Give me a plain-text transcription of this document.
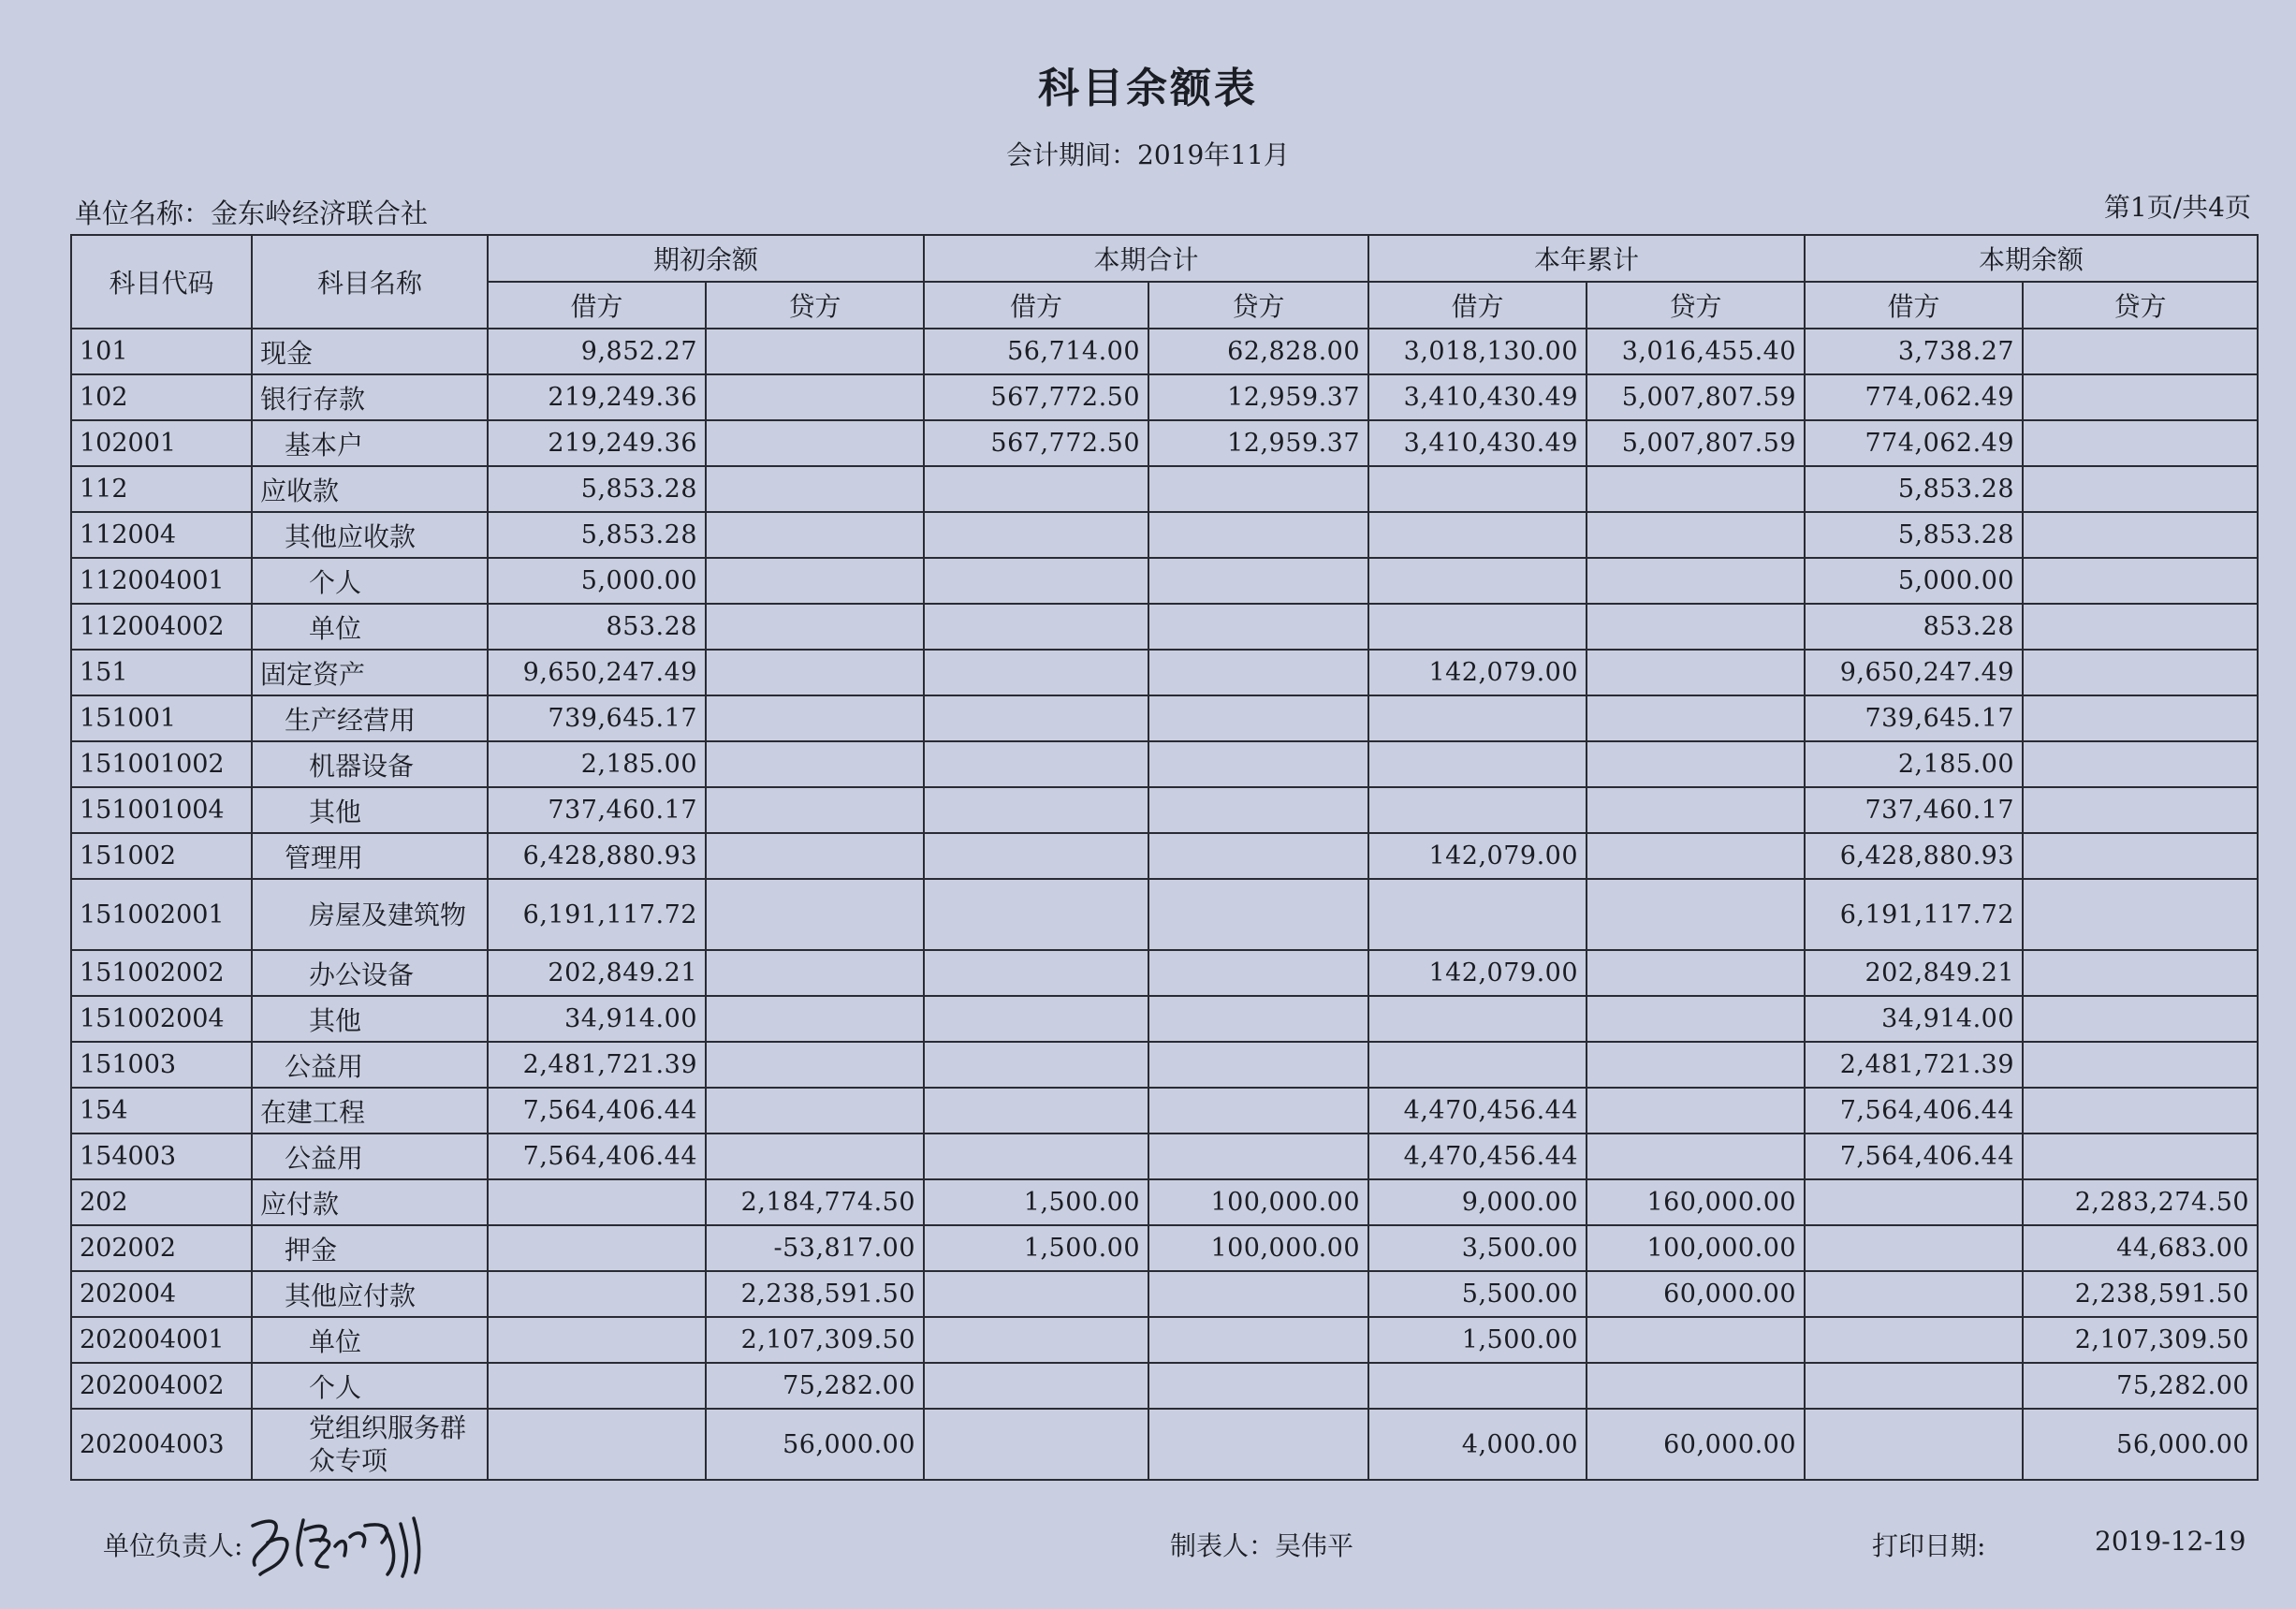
科目余额表
会计期间：2019年11月
单位名称：金东岭经济联合社	第1页/共4页
科目代码	科目名称	期初余额		本期合计		本年累计		本期余额	
		借方	贷方	借方	贷方	借方	贷方	借方	贷方
101	现金	9,852.27		56,714.00	62,828.00	3,018,130.00	3,016,455.40	3,738.27	
102	银行存款	219,249.36		567,772.50	12,959.37	3,410,430.49	5,007,807.59	774,062.49	
102001	基本户	219,249.36		567,772.50	12,959.37	3,410,430.49	5,007,807.59	774,062.49	
112	应收款	5,853.28						5,853.28	
112004	其他应收款	5,853.28						5,853.28	
112004001	个人	5,000.00						5,000.00	
112004002	单位	853.28						853.28	
151	固定资产	9,650,247.49				142,079.00		9,650,247.49	
151001	生产经营用	739,645.17						739,645.17	
151001002	机器设备	2,185.00						2,185.00	
151001004	其他	737,460.17						737,460.17	
151002	管理用	6,428,880.93				142,079.00		6,428,880.93	
151002001	房屋及建筑物	6,191,117.72						6,191,117.72	
151002002	办公设备	202,849.21				142,079.00		202,849.21	
151002004	其他	34,914.00						34,914.00	
151003	公益用	2,481,721.39						2,481,721.39	
154	在建工程	7,564,406.44				4,470,456.44		7,564,406.44	
154003	公益用	7,564,406.44				4,470,456.44		7,564,406.44	
202	应付款		2,184,774.50	1,500.00	100,000.00	9,000.00	160,000.00		2,283,274.50
202002	押金		-53,817.00	1,500.00	100,000.00	3,500.00	100,000.00		44,683.00
202004	其他应付款		2,238,591.50			5,500.00	60,000.00		2,238,591.50
202004001	单位		2,107,309.50			1,500.00			2,107,309.50
202004002	个人		75,282.00						75,282.00
202004003	党组织服务群众专项		56,000.00			4,000.00	60,000.00		56,000.00
单位负责人:	制表人：吴伟平	打印日期:	2019-12-19
